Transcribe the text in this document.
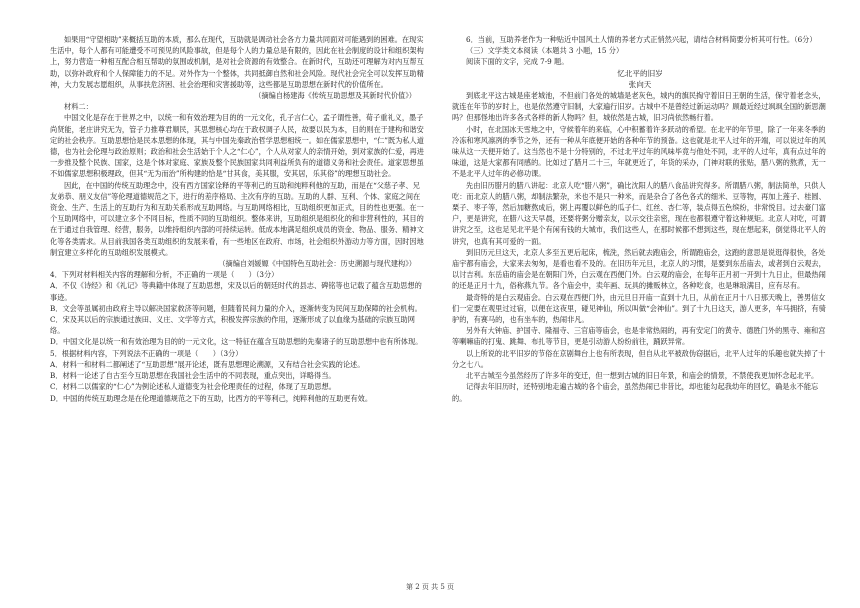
如果用“守望相助”来概括互助的本质，那么在现代，互助就是调动社会各方力量共同面对可能遇到的困难。在现实生活中，每个人都有可能遭受不可预见的风险事故，但是每个人的力量总是有限的，因此在社会制度的设计和组织架构上，努力营造一种相互配合相互帮助的氛围或机制，是对社会资源的有效整合。在新时代，互助还可理解为对内互帮互助，以弥补政府和个人保障能力的不足。对外作为一个整体，共同抵御自然和社会风险。现代社会完全可以发挥互助精神，大力发展志愿组织，从事扶危济困、社会治理和灾害援助等，这些都是互助思想在新时代的价值所在。

（摘编自杨建海《传统互助思想及其新时代价值》）

材料二：

中国文化是存在于世界之中，以统一和有效治理为目的的一元文化，孔子言仁心，孟子谓性善，荀子重礼义，墨子尚贤能，老庄讲究无为，管子力推尊君顺民，其思想核心均在于政权调子人民，故要以民为本，目的则在于建构和谐安定的社会秩序。互助思想恰是民本思想的体现，其与中国先秦政治哲学思想相统一。如在儒家思想中，“仁”既为私人道德，也为社会伦理与政治原则；政治和社会生活始于个人之“仁心”，个人从对家人的亲情开始，到对家族的仁爱，再进一步推及整个民族、国家，这是个体对家庭、家族及整个民族国家共同利益所负有的道德义务和社会责任。道家思想虽不如儒家思想积极理政，但其“无为而治”所构建的恰是“甘其食，美其服，安其居，乐其俗”的理想互助社会。

因此，在中国的传统互助理念中，没有西方国家诠释的平等利己的互助和纯粹利他的互助，而是在“父慈子孝、兄友弟恭、朋义友信”等伦理道德规范之下，进行的差序格局、主次有序的互助。互助的人群、互利、个体、家庭之间在资金、生产、生活上的互助行为和互助关系形成互助网络。与互助网络相比，互助组织更加正式，目的性也更强。在一个互助网络中，可以建立多个不同目标，性质不同的互助组织。整体来讲，互助组织是组织化的和非营利性的，其目的在于通过自我管理、经营，服务，以维持组织内部的可持续运转。低成本地满足组织成员的资金、物品、服务、精神文化等各类需求。从目前我国各类互助组织的发展来看，有一些地区在政府、市场，社会组织外游动力等方面，因时因地制宜建立多样化的互助组织发展模式。

（摘编自刘媛嫄《中国特色互助社会：历史溯源与现代建构》）

4．下列对材料相关内容的理解和分析，不正确的一项是（　　）（3分）

A．不仅《诗经》和《礼记》等典籍中体现了互助思想，宋及以后的朝廷时代的县志、碑铭等也记载了蕴含互助思想的事迹。

B．文会等虽属初由政府主导以解决国家救济等问题，但随着民间力量的介入，逐渐转变为民间互助保障的社会机构。

C．宋及其以后的宗族通过族田、义庄、文学等方式，积极发挥宗族的作用，逐渐形成了以血缘为基础的宗族互助网络。

D．中国文化是以统一和有效治理为目的的一元文化，这一特征在蕴含互助思想的先秦诸子的互助思想中也有所体现。

5．根据材料内容，下列说法不正确的一项是（　　）（3分）

A．材料一和材料二都阐述了“互助思想”展开论述，既有思想理论溯源，又有结合社会实践的论述。

B．材料一论述了自古至今互助思想在我国社会生活中的不同表现，重点突出，详略得当。

C．材料二以儒家的“仁心”为例论述私人道德变为社会伦理责任的过程，体现了互助思想。

D．中国的传统互助理念是在伦理道德规范之下的互助，比西方的平等利己，纯粹利他的互助更有效。

6．当前，互助养老作为一种贴近中国风土人情的养老方式正悄然兴起，请结合材料简要分析其可行性。（6分）

（三）文学类文本阅读（本题共 3 小题，15 分）

阅读下面的文字，完成 7-9 题。

忆北平的旧岁

张向天

到底北平这古城是座老城池，不但前门各处的城墙是老灰色，城内的旗民掏守着旧日王朝的生活，保守着老念头，就连在年节的岁时上，也是依然遵守旧制，大家遍行旧岁。古城中不是曾经过新运动吗？顾最近经过飒飒全国的新思潮吗？但那怪地出许多各式各样的新人物吗？但，城依然是古城，旧习尚依然畅行着。

小时，在北国冰天雪地之中，守候着年的来临，心中积蓄着许多跃动的希望。在北平的年节里，除了一年来冬季的冷冻和寒风凛冽的季节之外，还有一种从年底便开始的各种年节的预备。这也就是北平人过年的开端，可以说过年的风味从这一天便开始了。这当然也不是十分特别的，不过北平过年的风味毕竟与他处不同，北平的人过年，真有点过年的味道，这是大家都有同感的。比如过了腊月二十三，年就更近了，年货的采办，门神对联的张贴，腊八粥的熬煮，无一不是北平人过年的必修功课。

先由旧历腊月的腊八讲起：北京人吃“腊八粥”，确比沈阳人的腊八食品讲究得多。所谓腊八粥，制法简单，只供人吃：而北京人的腊八粥，却制法繁杂，米也不是只一种米，而是杂合了各色各式的细米、豆等物，再加上莲子、桂圆、栗子、枣子等，然后加糖熬成后，粥上再覆以鲜色的瓜子仁、红丝、杏仁等，装点得五色缤纷，非常悦目。过去豪门富户，更是讲究，在腊八这天早晨，还要将粥分赠亲友，以示交往亲密，现在也都很遵守着这种规矩。北京人对吃，可谓讲究之至，这也足见北平是个有闲有钱的大城市，我们这些人，在那时候都不想到这些，现在想起来，倒觉得北平人的讲究，也真有其可爱的一面。

到旧历元旦这天，北京人多至五更后起床，梳洗，然后就去跑庙会，所谓跑庙会，这跑的意思是说逛得很快，各处庙宇都有庙会，大家来去匆匆，是看也看不及的。在旧历年元旦，北京人的习惯，是要到东岳庙去，或者到白云观去，以讨吉利。东岳庙的庙会是在朝阳门外，白云观在西便门外。白云观的庙会，在每年正月初一开到十九日止，但最热闹的还是正月十九，俗称燕九节。各个庙会中，卖年画、玩具的摊贩林立，各种吃食，也是琳琅满目，应有尽有。

最奇特的是白云观庙会。白云观在西便门外，由元旦日开庙一直到十九日，从前在正月十八日那天晚上，善男信女们一定要在观里过过宿，以便在这夜里，碰见神仙，所以叫做“会神仙”。到了十九日这天，游人更多，车马拥挤，有骑驴的，有赛马的，也有坐车的，热闹非凡。

另外有大钟庙、护国寺、隆福寺、三官庙等庙会，也是非常热闹的，再有安定门的黄寺、德胜门外的黑寺、雍和宫等喇嘛庙的打鬼、跳舞、布扎等节目，更是引动游人纷纷前往，踊跃异常。

以上所说的北平旧岁的节俗在京剧舞台上也有所表现，但自从北平被敌伪窃据后，北平人过年的乐趣也就失掉了十分之七八。

北平古城至今虽然经历了许多年的变迁，但一想到古城的旧日年景，和庙会的情景，不禁使我更加怀念起北平。

记得去年旧历时，还特别地走遍古城的各个庙会，虽然热闹已非昔比，却也能勾起我幼年的回忆，确是永不能忘的。

第 2 页 共 5 页
